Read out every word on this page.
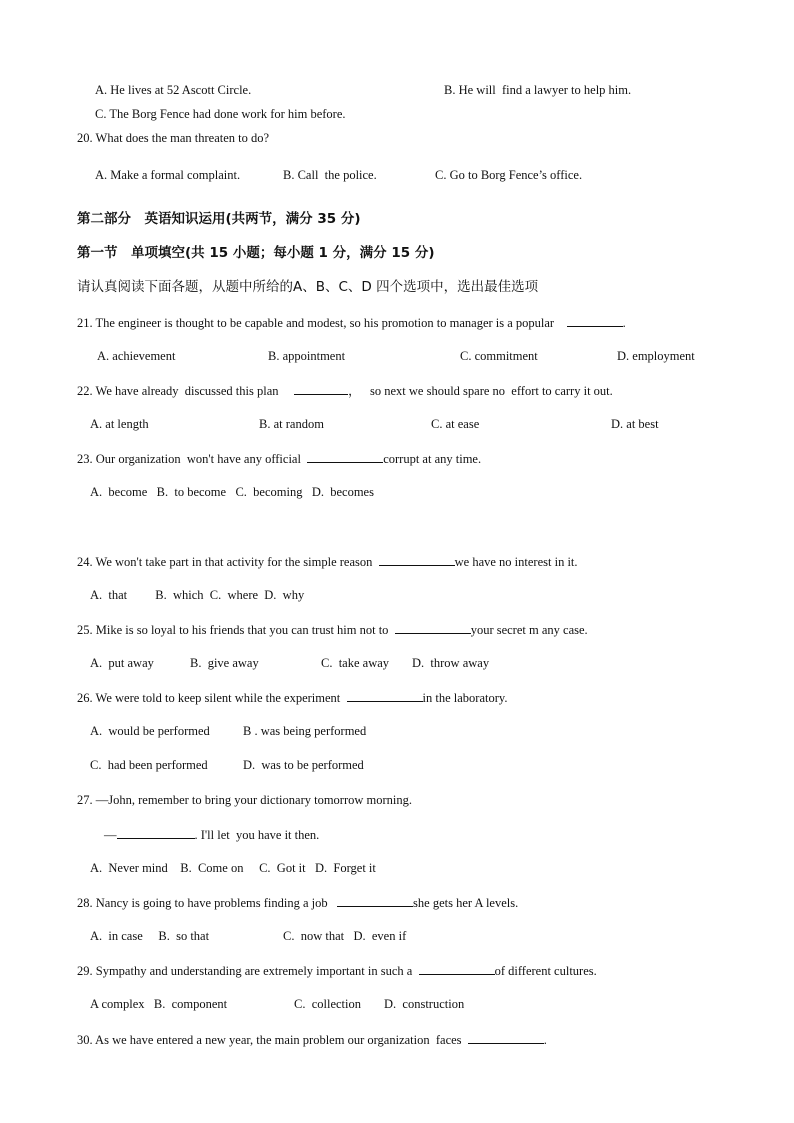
A. He lives at 52 Ascott Circle.	B. He will  find a lawyer to help him.
C. The Borg Fence had done work for him before.
20. What does the man threaten to do?
A. Make a formal complaint.	B. Call  the police.	C. Go to Borg Fence’s office.
第二部分　英语知识运用(共两节，满分 35 分)
第一节　单项填空(共 15 小题；每小题 1 分，满分 15 分)
请认真阅读下面各题，从题中所给的A、B、C、D 四个选项中，选出最佳选项
21. The engineer is thought to be capable and modest, so his promotion to manager is a popular	.
A. achievement	B. appointment	C. commitment	D. employment
22. We have already  discussed this plan	，   so next we should spare no  effort to carry it out.
A. at length	B. at random	C. at ease	D. at best
23. Our organization  won't have any official	corrupt at any time.
A.  become   B.  to become   C.  becoming   D.  becomes
24. We won't take part in that activity for the simple reason	we have no interest in it.
A.  that         B.  which  C.  where  D.  why
25. Mike is so loyal to his friends that you can trust him not to	your secret m any case.
A.  put away	B.  give away	C.  take away D.  throw away
26. We were told to keep silent while the experiment	in the laboratory.
A.  would be performed	B . was being performed
C.  had been performed	D.  was to be performed
27. —John, remember to bring your dictionary tomorrow morning.
—	. I'll let  you have it then.
A.  Never mind    B.  Come on     C.  Got it   D.  Forget it
28. Nancy is going to have problems finding a job	she gets her A levels.
A.  in case     B.  so that	C.  now that   D.  even if
29. Sympathy and understanding are extremely important in such a	of different cultures.
A complex   B.  component	C.  collection D.  construction
30. As we have entered a new year, the main problem our organization  faces	.
